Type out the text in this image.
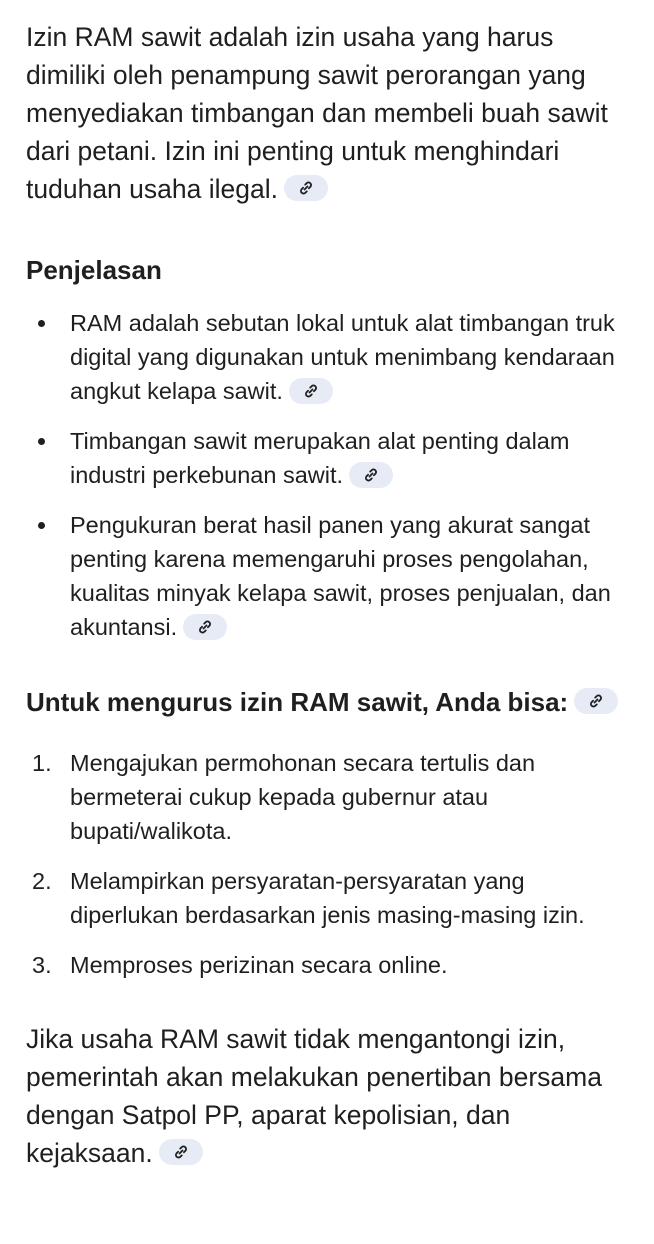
Izin RAM sawit adalah izin usaha yang harus dimiliki oleh penampung sawit perorangan yang menyediakan timbangan dan membeli buah sawit dari petani. Izin ini penting untuk menghindari tuduhan usaha ilegal.

Penjelasan
RAM adalah sebutan lokal untuk alat timbangan truk digital yang digunakan untuk menimbang kendaraan angkut kelapa sawit.
Timbangan sawit merupakan alat penting dalam industri perkebunan sawit.
Pengukuran berat hasil panen yang akurat sangat penting karena memengaruhi proses pengolahan, kualitas minyak kelapa sawit, proses penjualan, dan akuntansi.
Untuk mengurus izin RAM sawit, Anda bisa:
1. Mengajukan permohonan secara tertulis dan bermeterai cukup kepada gubernur atau bupati/walikota.
2. Melampirkan persyaratan-persyaratan yang diperlukan berdasarkan jenis masing-masing izin.
3. Memproses perizinan secara online.

Jika usaha RAM sawit tidak mengantongi izin, pemerintah akan melakukan penertiban bersama dengan Satpol PP, aparat kepolisian, dan kejaksaan.
